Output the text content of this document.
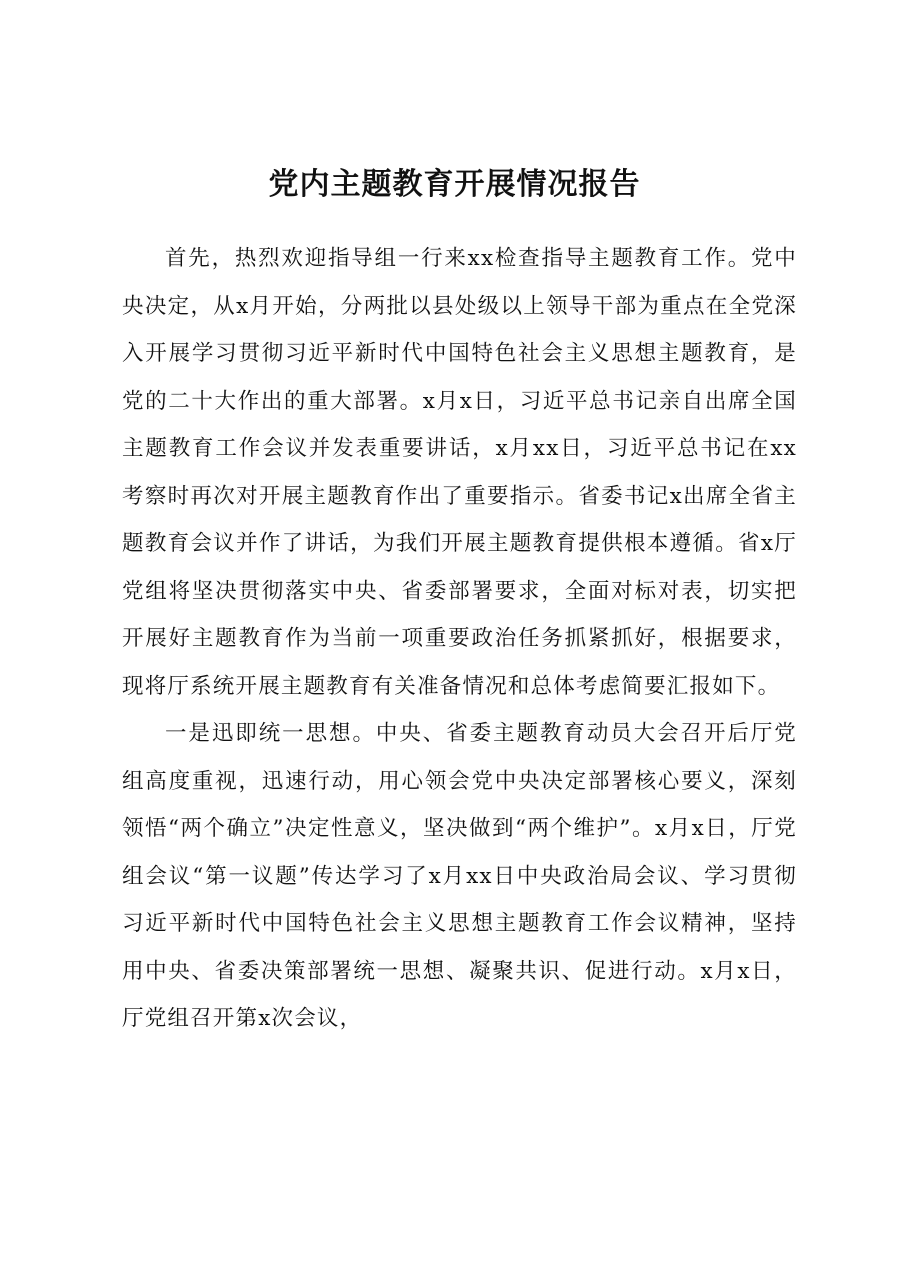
党内主题教育开展情况报告

首先，热烈欢迎指导组一行来xx检查指导主题教育工作。党中央决定，从x月开始，分两批以县处级以上领导干部为重点在全党深入开展学习贯彻习近平新时代中国特色社会主义思想主题教育，是党的二十大作出的重大部署。x月x日，习近平总书记亲自出席全国主题教育工作会议并发表重要讲话，x月xx日，习近平总书记在xx考察时再次对开展主题教育作出了重要指示。省委书记x出席全省主题教育会议并作了讲话，为我们开展主题教育提供根本遵循。省x厅党组将坚决贯彻落实中央、省委部署要求，全面对标对表，切实把开展好主题教育作为当前一项重要政治任务抓紧抓好，根据要求，现将厅系统开展主题教育有关准备情况和总体考虑简要汇报如下。

一是迅即统一思想。中央、省委主题教育动员大会召开后厅党组高度重视，迅速行动，用心领会党中央决定部署核心要义，深刻领悟“两个确立”决定性意义，坚决做到“两个维护”。x月x日，厅党组会议“第一议题”传达学习了x月xx日中央政治局会议、学习贯彻习近平新时代中国特色社会主义思想主题教育工作会议精神，坚持用中央、省委决策部署统一思想、凝聚共识、促进行动。x月x日，厅党组召开第x次会议，
